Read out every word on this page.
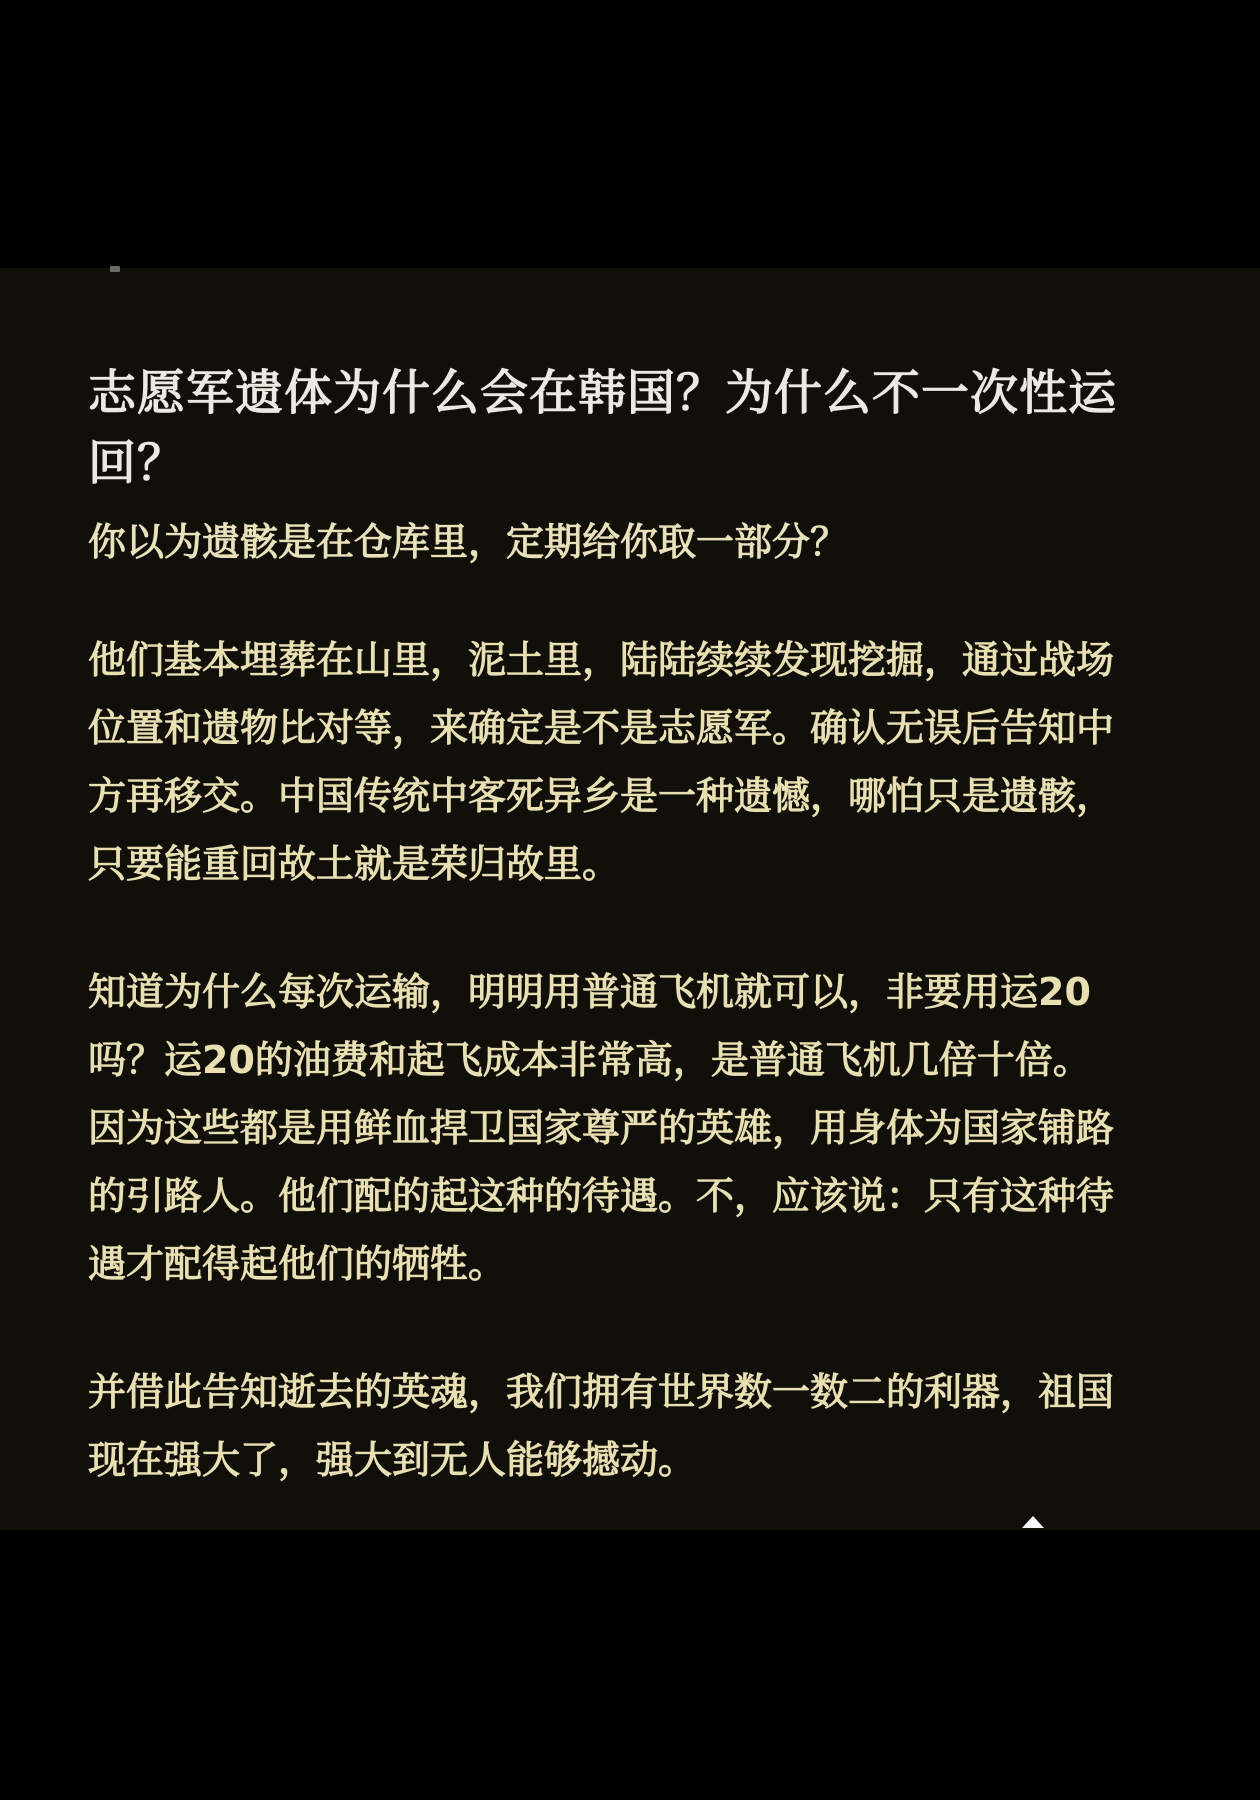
志愿军遗体为什么会在韩国？为什么不一次性运回？

你以为遗骸是在仓库里，定期给你取一部分？

他们基本埋葬在山里，泥土里，陆陆续续发现挖掘，通过战场位置和遗物比对等，来确定是不是志愿军。确认无误后告知中方再移交。中国传统中客死异乡是一种遗憾，哪怕只是遗骸，只要能重回故土就是荣归故里。

知道为什么每次运输，明明用普通飞机就可以，非要用运20吗？运20的油费和起飞成本非常高，是普通飞机几倍十倍。因为这些都是用鲜血捍卫国家尊严的英雄，用身体为国家铺路的引路人。他们配的起这种的待遇。不，应该说：只有这种待遇才配得起他们的牺牲。

并借此告知逝去的英魂，我们拥有世界数一数二的利器，祖国现在强大了，强大到无人能够撼动。
